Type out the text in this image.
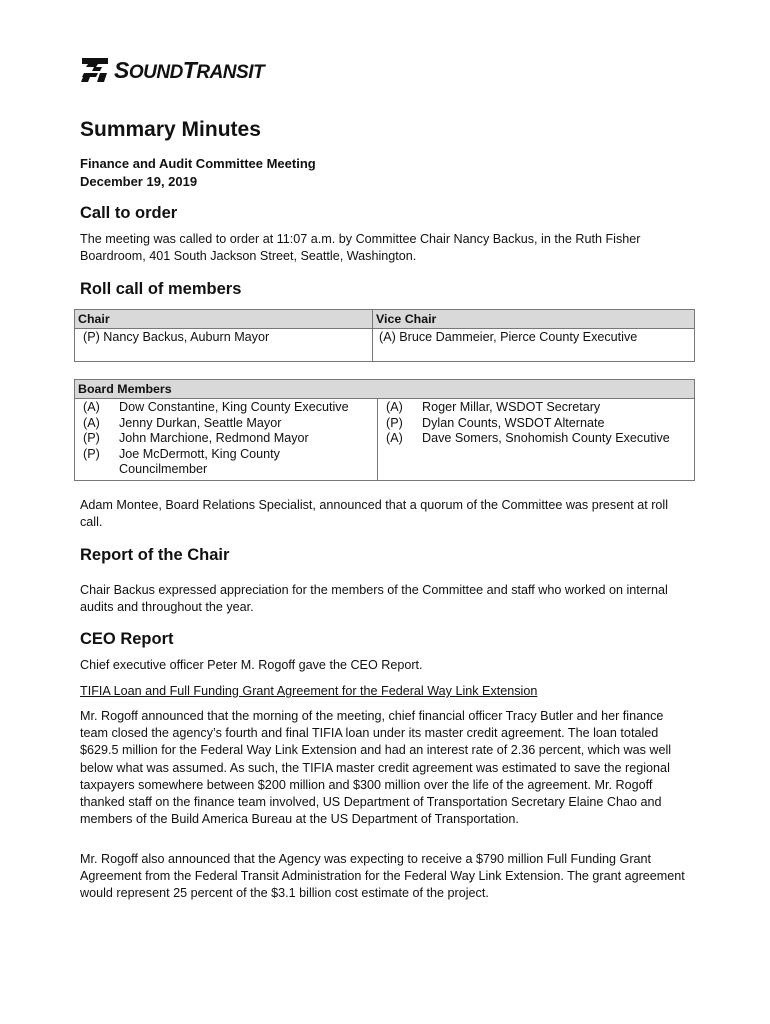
SOUNDTRANSIT
Summary Minutes
Finance and Audit Committee Meeting
December 19, 2019
Call to order

The meeting was called to order at 11:07 a.m. by Committee Chair Nancy Backus, in the Ruth Fisher Boardroom, 401 South Jackson Street, Seattle, Washington.

Roll call of members
Chair	Vice Chair
(P) Nancy Backus, Auburn Mayor	(A) Bruce Dammeier, Pierce County Executive
Board Members

(A)	Dow Constantine, King County Executive
(A)	Jenny Durkan, Seattle Mayor
(P)	John Marchione, Redmond Mayor
(P)	Joe McDermott, King County Councilmember

(A)	Roger Millar, WSDOT Secretary
(P)	Dylan Counts, WSDOT Alternate
(A)	Dave Somers, Snohomish County Executive

Adam Montee, Board Relations Specialist, announced that a quorum of the Committee was present at roll call.

Report of the Chair

Chair Backus expressed appreciation for the members of the Committee and staff who worked on internal audits and throughout the year.

CEO Report

Chief executive officer Peter M. Rogoff gave the CEO Report.

TIFIA Loan and Full Funding Grant Agreement for the Federal Way Link Extension

Mr. Rogoff announced that the morning of the meeting, chief financial officer Tracy Butler and her finance team closed the agency’s fourth and final TIFIA loan under its master credit agreement. The loan totaled $629.5 million for the Federal Way Link Extension and had an interest rate of 2.36 percent, which was well below what was assumed. As such, the TIFIA master credit agreement was estimated to save the regional taxpayers somewhere between $200 million and $300 million over the life of the agreement. Mr. Rogoff thanked staff on the finance team involved, US Department of Transportation Secretary Elaine Chao and members of the Build America Bureau at the US Department of Transportation.

Mr. Rogoff also announced that the Agency was expecting to receive a $790 million Full Funding Grant Agreement from the Federal Transit Administration for the Federal Way Link Extension. The grant agreement would represent 25 percent of the $3.1 billion cost estimate of the project.
